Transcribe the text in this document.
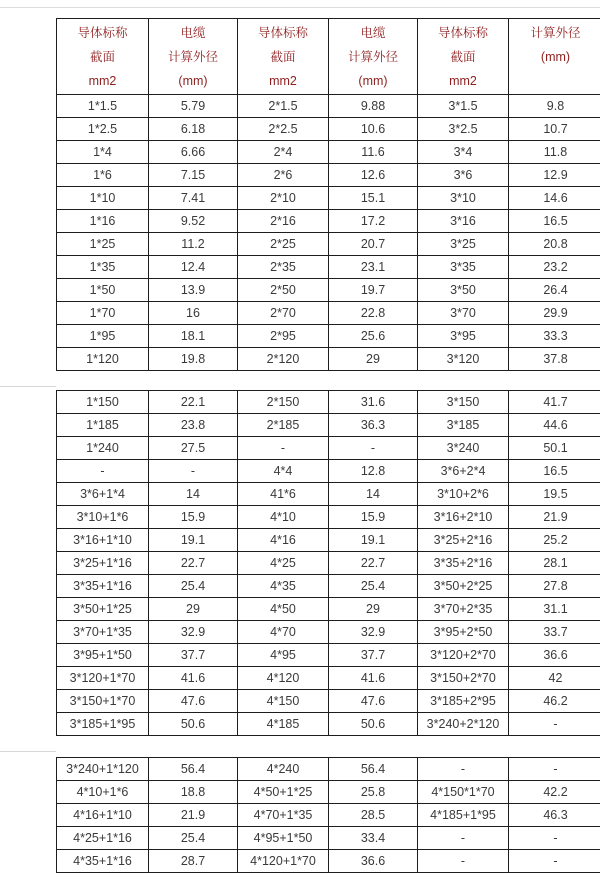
导体标称
截面
mm2	电缆
计算外径
(mm)	导体标称
截面
mm2	电缆
计算外径
(mm)	导体标称
截面
mm2	计算外径
(mm)

1*1.5	5.79	2*1.5	9.88	3*1.5	9.8
1*2.5	6.18	2*2.5	10.6	3*2.5	10.7
1*4	6.66	2*4	11.6	3*4	11.8
1*6	7.15	2*6	12.6	3*6	12.9
1*10	7.41	2*10	15.1	3*10	14.6
1*16	9.52	2*16	17.2	3*16	16.5
1*25	11.2	2*25	20.7	3*25	20.8
1*35	12.4	2*35	23.1	3*35	23.2
1*50	13.9	2*50	19.7	3*50	26.4
1*70	16	2*70	22.8	3*70	29.9
1*95	18.1	2*95	25.6	3*95	33.3
1*120	19.8	2*120	29	3*120	37.8
1*150	22.1	2*150	31.6	3*150	41.7
1*185	23.8	2*185	36.3	3*185	44.6
1*240	27.5	-	-	3*240	50.1
-	-	4*4	12.8	3*6+2*4	16.5
3*6+1*4	14	41*6	14	3*10+2*6	19.5
3*10+1*6	15.9	4*10	15.9	3*16+2*10	21.9
3*16+1*10	19.1	4*16	19.1	3*25+2*16	25.2
3*25+1*16	22.7	4*25	22.7	3*35+2*16	28.1
3*35+1*16	25.4	4*35	25.4	3*50+2*25	27.8
3*50+1*25	29	4*50	29	3*70+2*35	31.1
3*70+1*35	32.9	4*70	32.9	3*95+2*50	33.7
3*95+1*50	37.7	4*95	37.7	3*120+2*70	36.6
3*120+1*70	41.6	4*120	41.6	3*150+2*70	42
3*150+1*70	47.6	4*150	47.6	3*185+2*95	46.2
3*185+1*95	50.6	4*185	50.6	3*240+2*120	-
3*240+1*120	56.4	4*240	56.4	-	-
4*10+1*6	18.8	4*50+1*25	25.8	4*150*1*70	42.2
4*16+1*10	21.9	4*70+1*35	28.5	4*185+1*95	46.3
4*25+1*16	25.4	4*95+1*50	33.4	-	-
4*35+1*16	28.7	4*120+1*70	36.6	-	-
